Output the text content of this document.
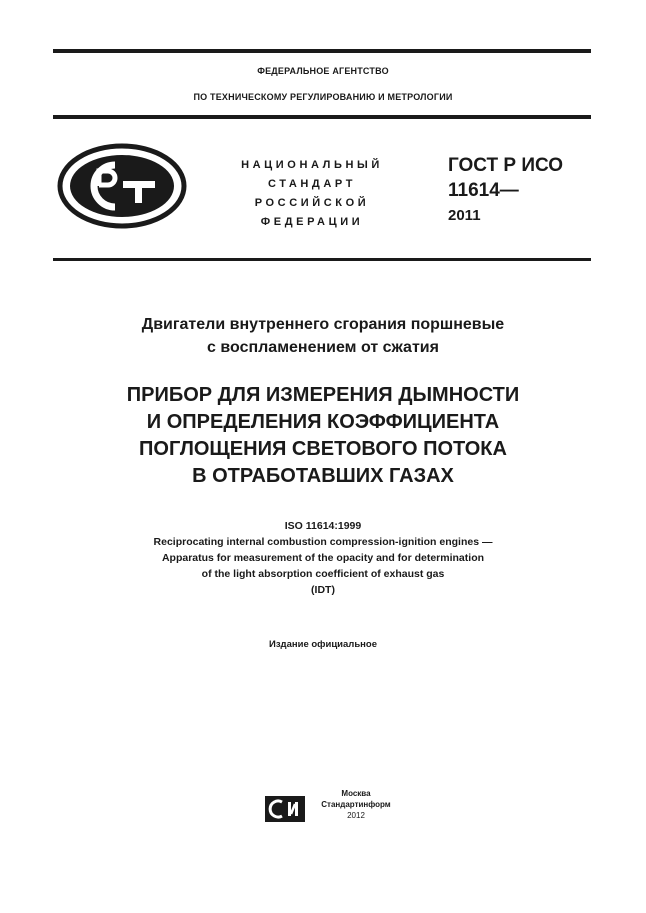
ФЕДЕРАЛЬНОЕ АГЕНТСТВО
ПО ТЕХНИЧЕСКОМУ РЕГУЛИРОВАНИЮ И МЕТРОЛОГИИ
НАЦИОНАЛЬНЫЙ
СТАНДАРТ
РОССИЙСКОЙ
ФЕДЕРАЦИИ
ГОСТ Р ИСО
11614—
2011
Двигатели внутреннего сгорания поршневые
с воспламенением от сжатия
ПРИБОР ДЛЯ ИЗМЕРЕНИЯ ДЫМНОСТИ
И ОПРЕДЕЛЕНИЯ КОЭФФИЦИЕНТА
ПОГЛОЩЕНИЯ СВЕТОВОГО ПОТОКА
В ОТРАБОТАВШИХ ГАЗАХ
ISO 11614:1999
Reciprocating internal combustion compression-ignition engines —
Apparatus for measurement of the opacity and for determination
of the light absorption coefficient of exhaust gas
(IDT)
Издание официальное
Москва
Стандартинформ
2012
